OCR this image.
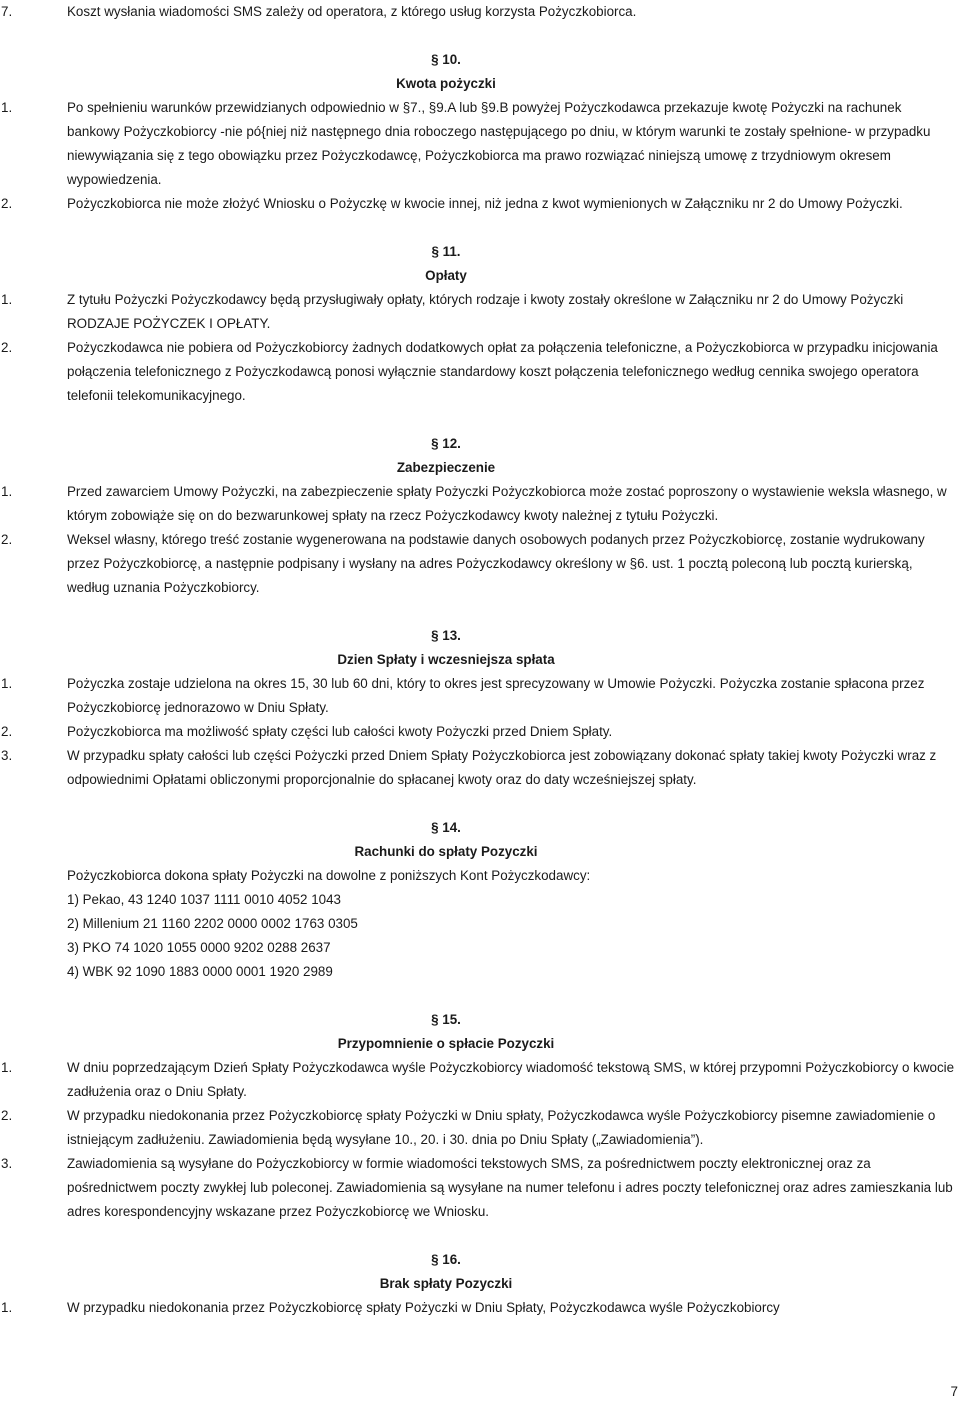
7.	Koszt wysłania wiadomości SMS zależy od operatora, z którego usług korzysta Pożyczkobiorca.
§ 10.
Kwota pożyczki
1.	Po spełnieniu warunków przewidzianych odpowiednio w §7., §9.A lub §9.B powyżej Pożyczkodawca przekazuje kwotę Pożyczki na rachunek bankowy Pożyczkobiorcy -nie pó{niej niż następnego dnia roboczego następującego po dniu, w którym warunki te zostały spełnione- w przypadku niewywiązania się z tego obowiązku przez Pożyczkodawcę, Pożyczkobiorca ma prawo rozwiązać niniejszą umowę z trzydniowym okresem wypowiedzenia.
2.	Pożyczkobiorca nie może złożyć Wniosku o Pożyczkę w kwocie innej, niż jedna z kwot wymienionych w Załączniku nr 2 do Umowy Pożyczki.
§ 11.
Opłaty
1.	Z tytułu Pożyczki Pożyczkodawcy będą przysługiwały opłaty, których rodzaje i kwoty zostały określone w Załączniku nr 2 do Umowy Pożyczki RODZAJE POŻYCZEK I OPŁATY.
2.	Pożyczkodawca nie pobiera od Pożyczkobiorcy żadnych dodatkowych opłat za połączenia telefoniczne, a Pożyczkobiorca w przypadku inicjowania połączenia telefonicznego z Pożyczkodawcą ponosi wyłącznie standardowy koszt połączenia telefonicznego według cennika swojego operatora telefonii telekomunikacyjnego.
§ 12.
Zabezpieczenie
1.	Przed zawarciem Umowy Pożyczki, na zabezpieczenie spłaty Pożyczki Pożyczkobiorca może zostać poproszony o wystawienie weksla własnego, w którym zobowiąże się on do bezwarunkowej spłaty na rzecz Pożyczkodawcy kwoty należnej z tytułu Pożyczki.
2.	Weksel własny, którego treść zostanie wygenerowana na podstawie danych osobowych podanych przez Pożyczkobiorcę, zostanie wydrukowany przez Pożyczkobiorcę, a następnie podpisany i wysłany na adres Pożyczkodawcy określony w §6. ust. 1 pocztą poleconą lub pocztą kurierską, według uznania Pożyczkobiorcy.
§ 13.
Dzien Spłaty i wczesniejsza spłata
1.	Pożyczka zostaje udzielona na okres 15, 30 lub 60 dni, który to okres jest sprecyzowany w Umowie Pożyczki. Pożyczka zostanie spłacona przez Pożyczkobiorcę jednorazowo w Dniu Spłaty.
2.	Pożyczkobiorca ma możliwość spłaty części lub całości kwoty Pożyczki przed Dniem Spłaty.
3.	W przypadku spłaty całości lub części Pożyczki przed Dniem Spłaty Pożyczkobiorca jest zobowiązany dokonać spłaty takiej kwoty Pożyczki wraz z odpowiednimi Opłatami obliczonymi proporcjonalnie do spłacanej kwoty oraz do daty wcześniejszej spłaty.
§ 14.
Rachunki do spłaty Pozyczki
Pożyczkobiorca dokona spłaty Pożyczki na dowolne z poniższych Kont Pożyczkodawcy:
1) Pekao, 43 1240 1037 1111 0010 4052 1043
2) Millenium 21 1160 2202 0000 0002 1763 0305
3) PKO 74 1020 1055 0000 9202 0288 2637
4) WBK 92 1090 1883 0000 0001 1920 2989
§ 15.
Przypomnienie o spłacie Pozyczki
1.	W dniu poprzedzającym Dzień Spłaty Pożyczkodawca wyśle Pożyczkobiorcy wiadomość tekstową SMS, w której przypomni Pożyczkobiorcy o kwocie zadłużenia oraz o Dniu Spłaty.
2.	W przypadku niedokonania przez Pożyczkobiorcę spłaty Pożyczki w Dniu spłaty, Pożyczkodawca wyśle Pożyczkobiorcy pisemne zawiadomienie o istniejącym zadłużeniu. Zawiadomienia będą wysyłane 10., 20. i 30. dnia po Dniu Spłaty („Zawiadomienia”).
3.	Zawiadomienia są wysyłane do Pożyczkobiorcy w formie wiadomości tekstowych SMS, za pośrednictwem poczty elektronicznej oraz za pośrednictwem poczty zwykłej lub poleconej. Zawiadomienia są wysyłane na numer telefonu i adres poczty telefonicznej oraz adres zamieszkania lub adres korespondencyjny wskazane przez Pożyczkobiorcę we Wniosku.
§ 16.
Brak spłaty Pozyczki
1.	W przypadku niedokonania przez Pożyczkobiorcę spłaty Pożyczki w Dniu Spłaty, Pożyczkodawca wyśle Pożyczkobiorcy
7
